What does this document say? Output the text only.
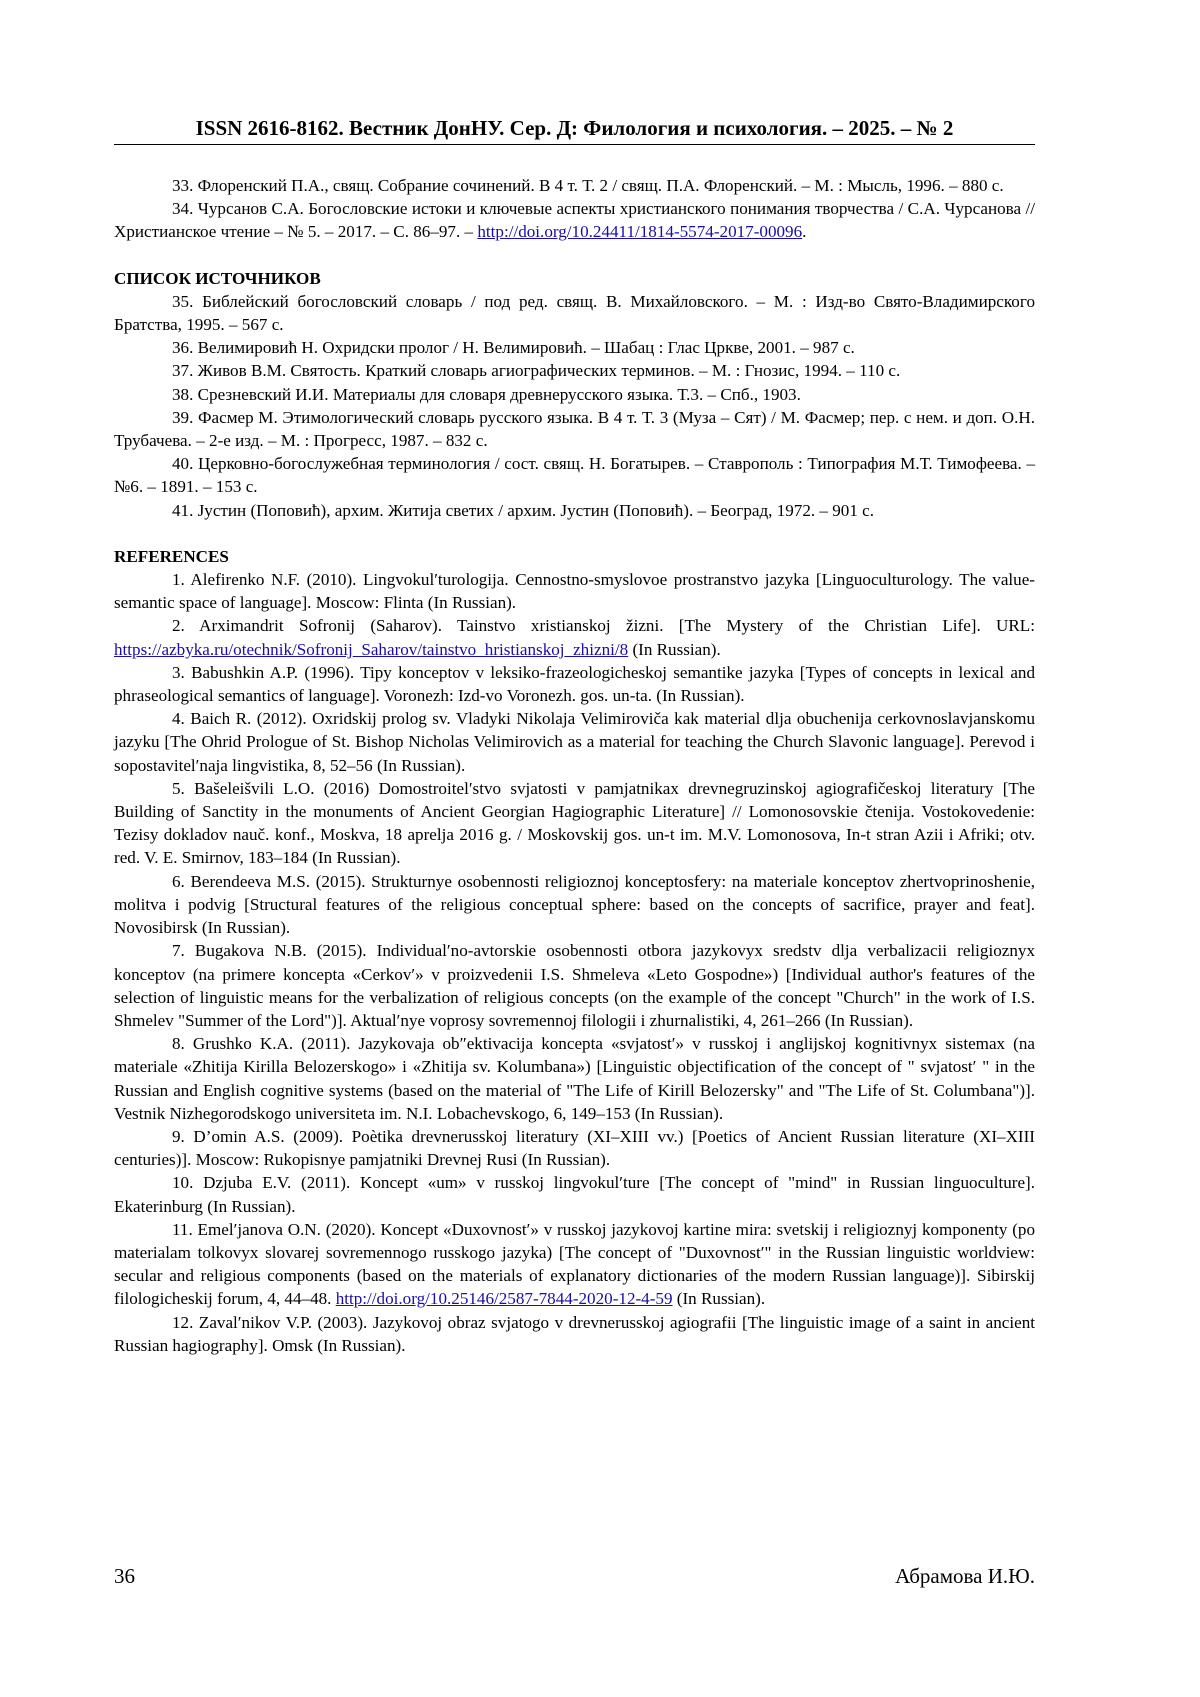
ISSN 2616-8162. Вестник ДонНУ. Сер. Д: Филология и психология. – 2025. – № 2

33. Флоренский П.А., свящ. Собрание сочинений. В 4 т. Т. 2 / свящ. П.А. Флоренский. – М. : Мысль, 1996. – 880 с.

34. Чурсанов С.А. Богословские истоки и ключевые аспекты христианского понимания творчества / С.А. Чурсанова // Христианское чтение – № 5. – 2017. – С. 86–97. – http://doi.org/10.24411/1814-5574-2017-00096.

СПИСОК ИСТОЧНИКОВ

35. Библейский богословский словарь / под ред. свящ. В. Михайловского. – М. : Изд-во Свято-Владимирского Братства, 1995. – 567 с.

36. Велимировић Н. Охридски пролог / Н. Велимировић. – Шабац : Глас Цркве, 2001. – 987 с.

37. Живов В.М. Святость. Краткий словарь агиографических терминов. – М. : Гнозис, 1994. – 110 с.

38. Срезневский И.И. Материалы для словаря древнерусского языка. Т.3. – Спб., 1903.

39. Фасмер М. Этимологический словарь русского языка. В 4 т. Т. 3 (Муза – Сят) / М. Фасмер; пер. с нем. и доп. О.Н. Трубачева. – 2-е изд. – М. : Прогресс, 1987. – 832 с.

40. Церковно-богослужебная терминология / сост. свящ. Н. Богатырев. – Ставрополь : Типография М.Т. Тимофеева. – №6. – 1891. – 153 с.

41. Јустин (Поповић), архим. Житија светих / архим. Јустин (Поповић). – Београд, 1972. – 901 с.

REFERENCES

1. Alefirenko N.F. (2010). Lingvokul′turologija. Cennostno-smyslovoe prostranstvo jazyka [Linguoculturology. The value-semantic space of language]. Moscow: Flinta (In Russian).

2. Arximandrit Sofronij (Saharov). Tainstvo xristianskoj žizni. [The Mystery of the Christian Life]. URL: https://azbyka.ru/otechnik/Sofronij_Saharov/tainstvo_hristianskoj_zhizni/8 (In Russian).

3. Babushkin A.P. (1996). Tipy konceptov v leksiko-frazeologicheskoj semantike jazyka [Types of concepts in lexical and phraseological semantics of language]. Voronezh: Izd-vo Voronezh. gos. un-ta. (In Russian).

4. Baich R. (2012). Oxridskij prolog sv. Vladyki Nikolaja Velimiroviča kak material dlja obuchenija cerkovnoslavjanskomu jazyku [The Ohrid Prologue of St. Bishop Nicholas Velimirovich as a material for teaching the Church Slavonic language]. Perevod i sopostavitel′naja lingvistika, 8, 52–56 (In Russian).

5. Bašeleišvili L.O. (2016) Domostroitel′stvo svjatosti v pamjatnikax drevnegruzinskoj agiografičeskoj literatury [The Building of Sanctity in the monuments of Ancient Georgian Hagiographic Literature] // Lomonosovskie čtenija. Vostokovedenie: Tezisy dokladov nauč. konf., Moskva, 18 aprelja 2016 g. / Moskovskij gos. un-t im. M.V. Lomonosova, In-t stran Azii i Afriki; otv. red. V. E. Smirnov, 183–184 (In Russian).

6. Berendeeva M.S. (2015). Strukturnye osobennosti religioznoj konceptosfery: na materiale konceptov zhertvoprinoshenie, molitva i podvig [Structural features of the religious conceptual sphere: based on the concepts of sacrifice, prayer and feat]. Novosibirsk (In Russian).

7. Bugakova N.B. (2015). Individual′no-avtorskie osobennosti otbora jazykovyx sredstv dlja verbalizacii religioznyx konceptov (na primere koncepta «Cerkov′» v proizvedenii I.S. Shmeleva «Leto Gospodne») [Individual author's features of the selection of linguistic means for the verbalization of religious concepts (on the example of the concept "Church" in the work of I.S. Shmelev "Summer of the Lord")]. Aktual′nye voprosy sovremennoj filologii i zhurnalistiki, 4, 261–266 (In Russian).

8. Grushko K.A. (2011). Jazykovaja ob″ektivacija koncepta «svjatost′» v russkoj i anglijskoj kognitivnyx sistemax (na materiale «Zhitija Kirilla Belozerskogo» i «Zhitija sv. Kolumbana») [Linguistic objectification of the concept of " svjatost′ " in the Russian and English cognitive systems (based on the material of "The Life of Kirill Belozersky" and "The Life of St. Columbana")]. Vestnik Nizhegorodskogo universiteta im. N.I. Lobachevskogo, 6, 149–153 (In Russian).

9. D’omin A.S. (2009). Poètika drevnerusskoj literatury (XI–XIII vv.) [Poetics of Ancient Russian literature (XI–XIII centuries)]. Moscow: Rukopisnye pamjatniki Drevnej Rusi (In Russian).

10. Dzjuba E.V. (2011). Koncept «um» v russkoj lingvokul′ture [The concept of "mind" in Russian linguoculture]. Ekaterinburg (In Russian).

11. Emel′janova O.N. (2020). Koncept «Duxovnost′» v russkoj jazykovoj kartine mira: svetskij i religioznyj komponenty (po materialam tolkovyx slovarej sovremennogo russkogo jazyka) [The concept of "Duxovnost′" in the Russian linguistic worldview: secular and religious components (based on the materials of explanatory dictionaries of the modern Russian language)]. Sibirskij filologicheskij forum, 4, 44–48. http://doi.org/10.25146/2587-7844-2020-12-4-59 (In Russian).

12. Zaval′nikov V.P. (2003). Jazykovoj obraz svjatogo v drevnerusskoj agiografii [The linguistic image of a saint in ancient Russian hagiography]. Omsk (In Russian).

36	Абрамова И.Ю.
